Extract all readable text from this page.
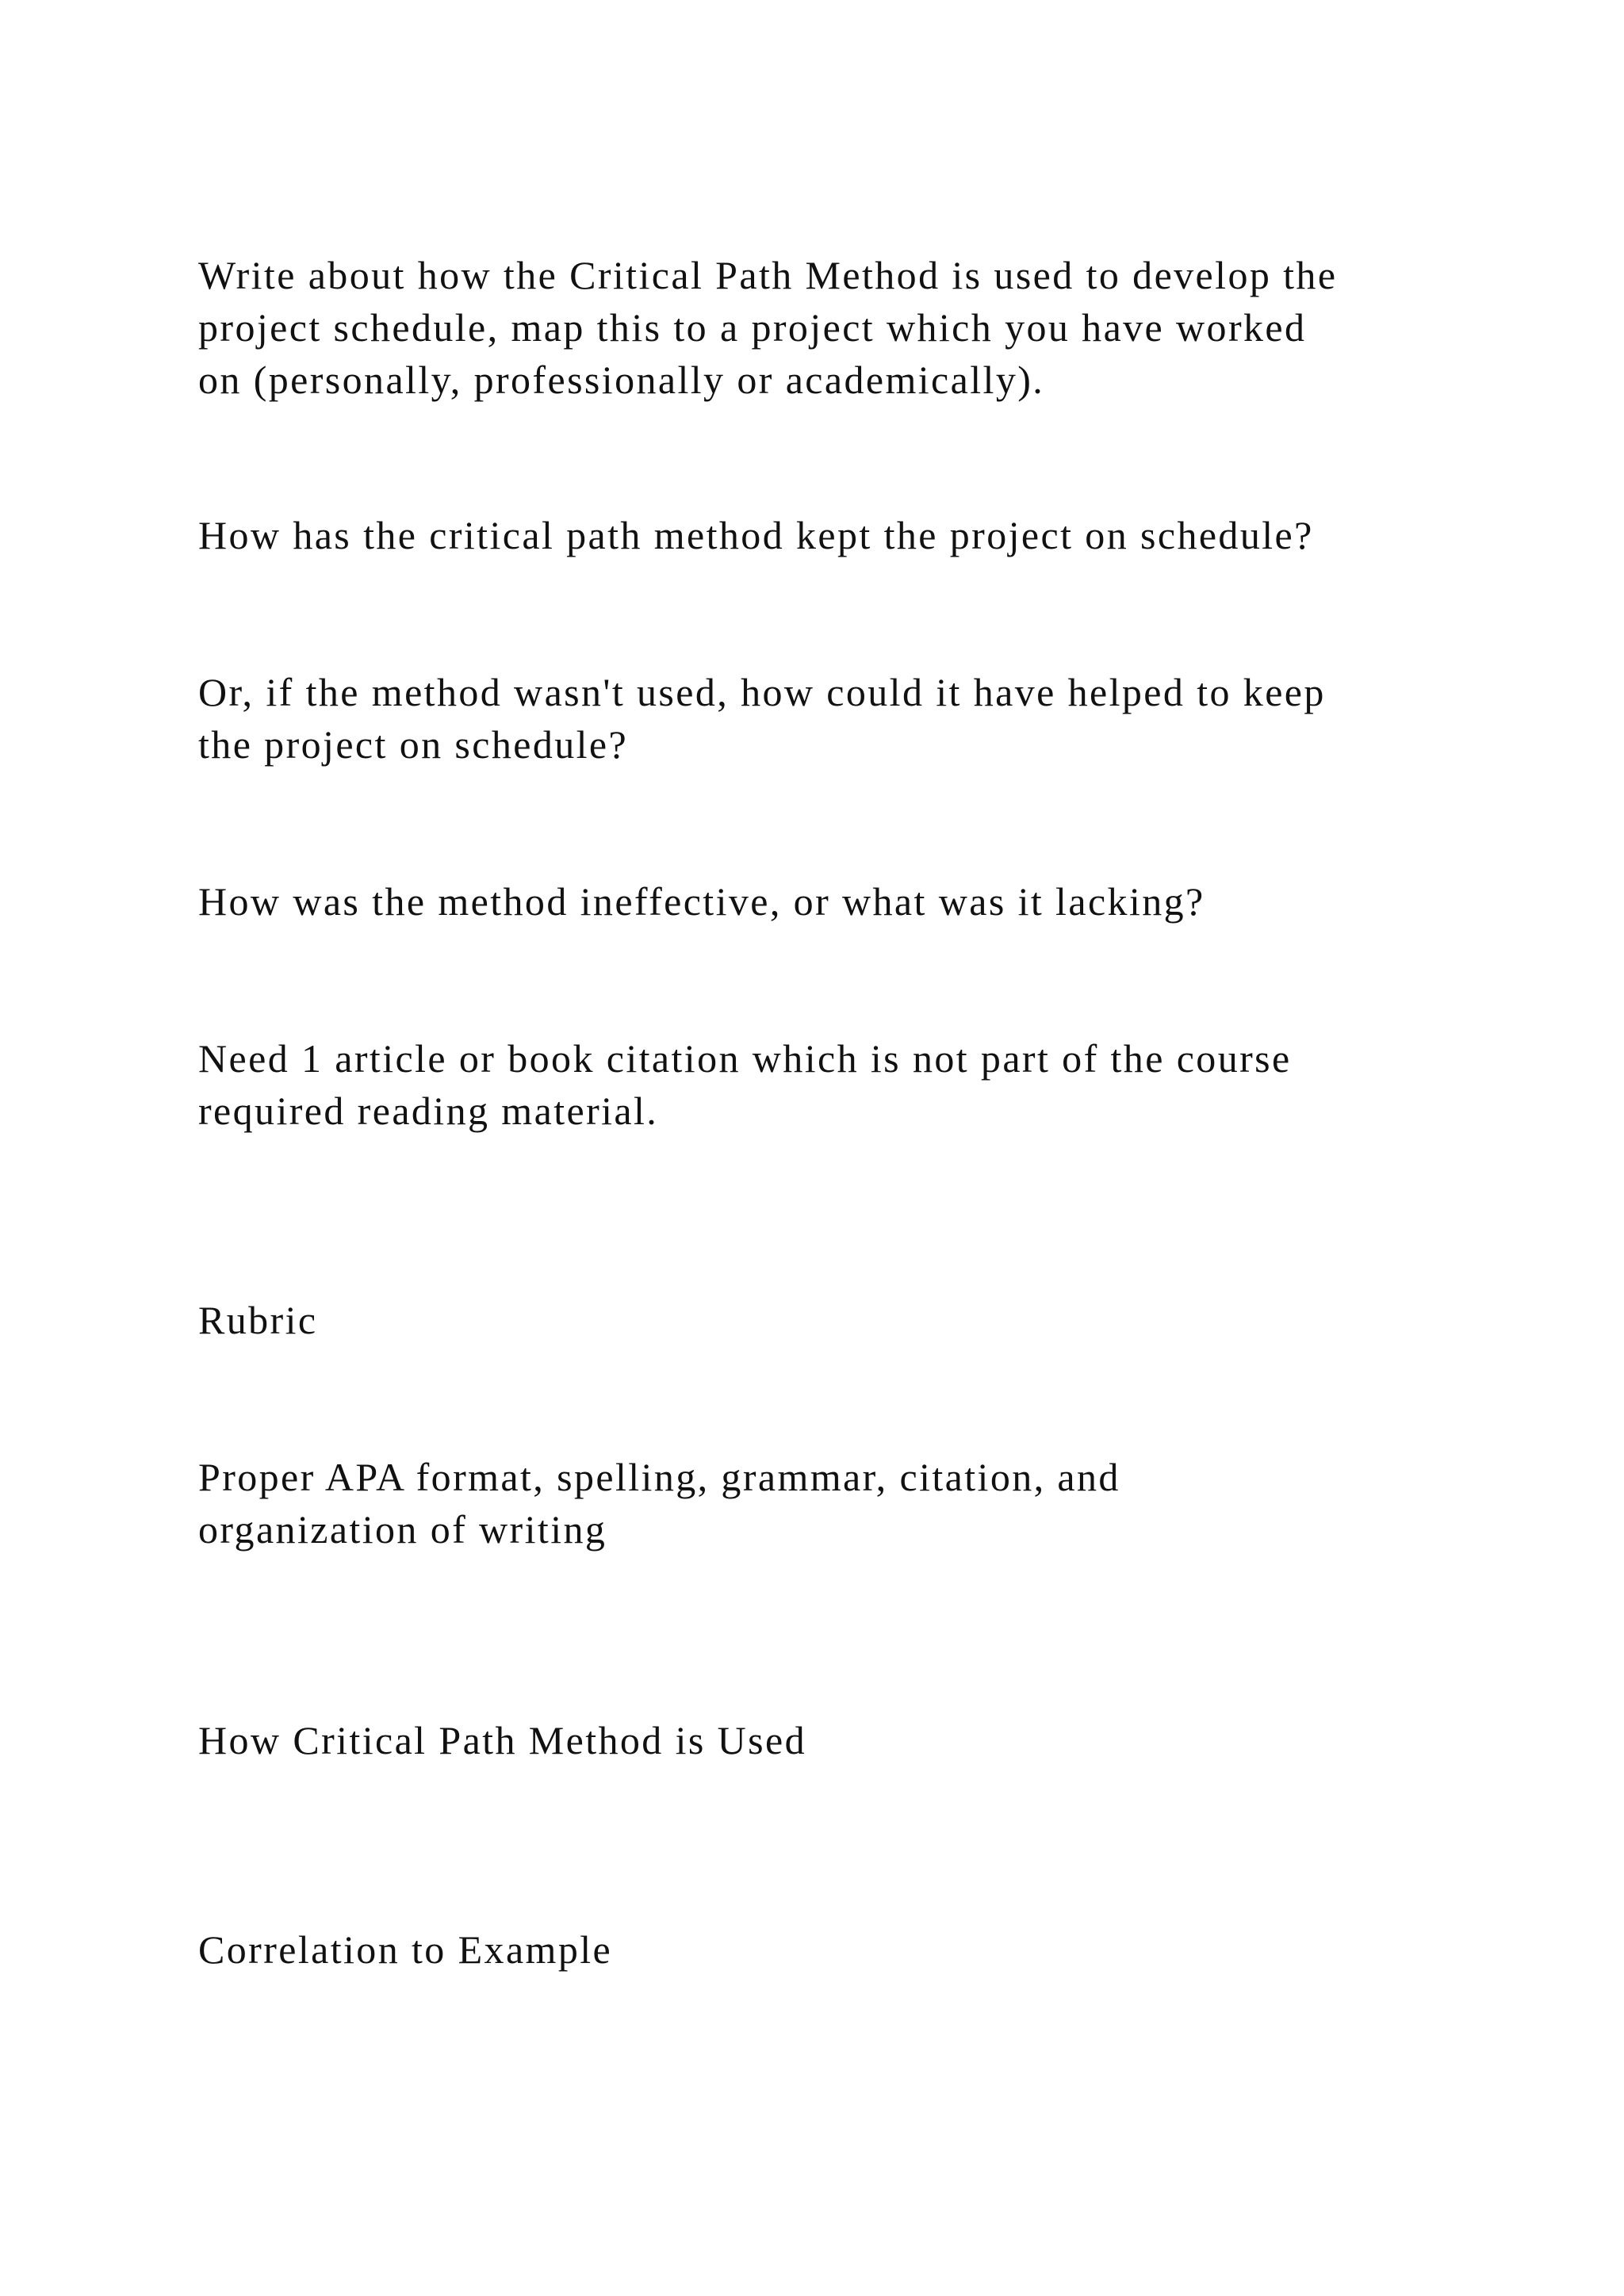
Write about how the Critical Path Method is used to develop the
project schedule, map this to a project which you have worked
on (personally, professionally or academically).

How has the critical path method kept the project on schedule?

Or, if the method wasn't used, how could it have helped to keep
the project on schedule?

How was the method ineffective, or what was it lacking?

Need 1 article or book citation which is not part of the course
required reading material.

Rubric

Proper APA format, spelling, grammar, citation, and
organization of writing

How Critical Path Method is Used

Correlation to Example
